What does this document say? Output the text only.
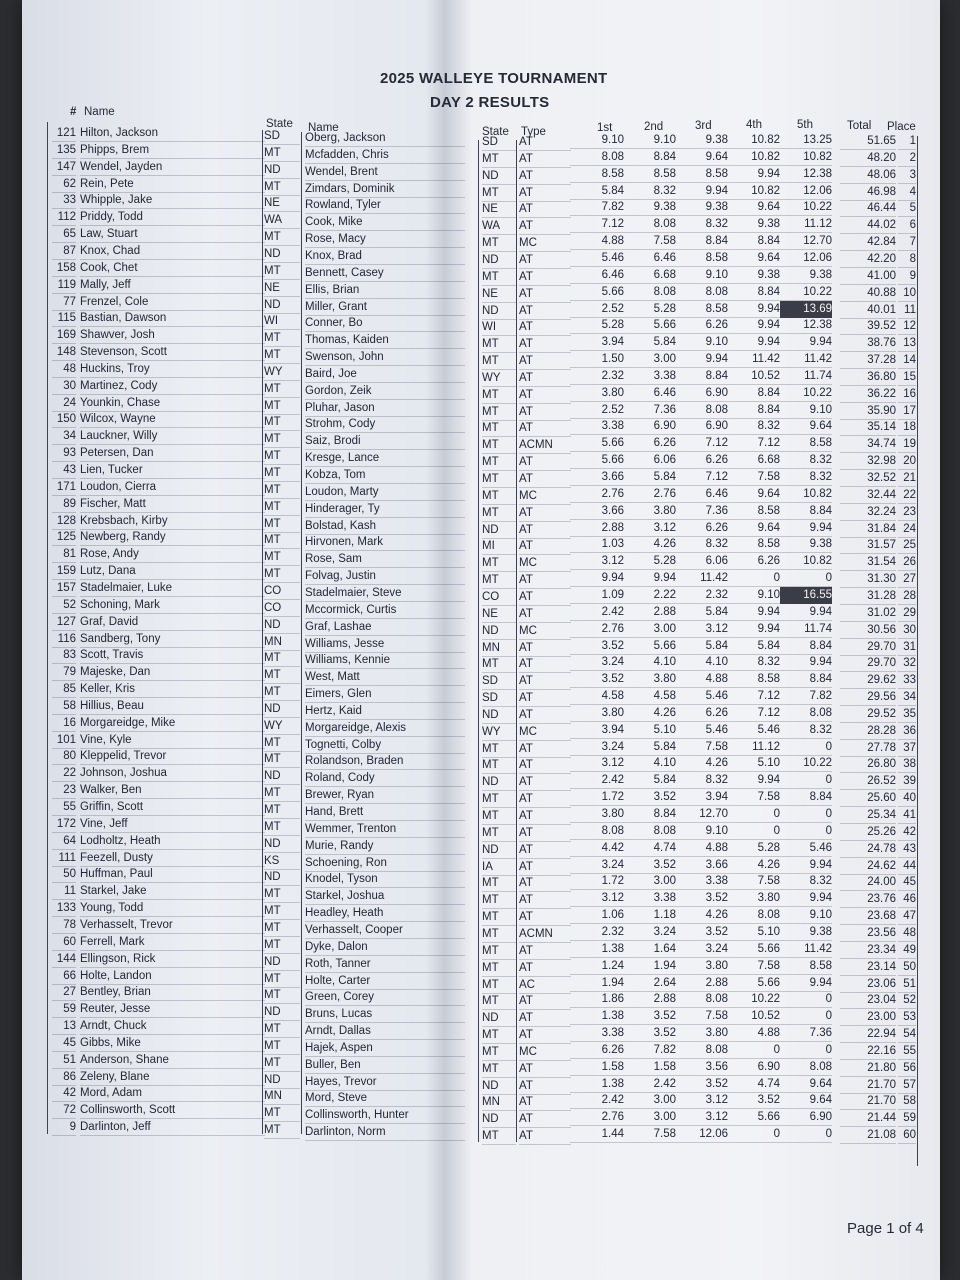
2025 WALLEYE TOURNAMENT
DAY 2 RESULTS
# Name
State Name	State Type	1st	2nd	3rd	4th	5th	Total Place
121 Hilton, Jackson	SD	Oberg, Jackson	SD	AT	9.10	9.10	9.38	10.82	13.25	51.65	1
135 Phipps, Brem	MT	Mcfadden, Chris	MT	AT	8.08	8.84	9.64	10.82	10.82	48.20	2
147 Wendel, Jayden	ND	Wendel, Brent	ND	AT	8.58	8.58	8.58	9.94	12.38	48.06	3
62 Rein, Pete	MT	Zimdars, Dominik	MT	AT	5.84	8.32	9.94	10.82	12.06	46.98	4
33 Whipple, Jake	NE	Rowland, Tyler	NE	AT	7.82	9.38	9.38	9.64	10.22	46.44	5
112 Priddy, Todd	WA	Cook, Mike	WA	AT	7.12	8.08	8.32	9.38	11.12	44.02	6
65 Law, Stuart	MT	Rose, Macy	MT	MC	4.88	7.58	8.84	8.84	12.70	42.84	7
87 Knox, Chad	ND	Knox, Brad	ND	AT	5.46	6.46	8.58	9.64	12.06	42.20	8
158 Cook, Chet	MT	Bennett, Casey	MT	AT	6.46	6.68	9.10	9.38	9.38	41.00	9
119 Mally, Jeff	NE	Ellis, Brian	NE	AT	5.66	8.08	8.08	8.84	10.22	40.88 10
77 Frenzel, Cole	ND	Miller, Grant	ND	AT	2.52	5.28	8.58	9.94	13.69	40.01 11
115 Bastian, Dawson	WI	Conner, Bo	WI	AT	5.28	5.66	6.26	9.94	12.38	39.52 12
169 Shawver, Josh	MT	Thomas, Kaiden	MT	AT	3.94	5.84	9.10	9.94	9.94	38.76 13
148 Stevenson, Scott	MT	Swenson, John	MT	AT	1.50	3.00	9.94	11.42	11.42	37.28 14
48 Huckins, Troy	WY	Baird, Joe	WY	AT	2.32	3.38	8.84	10.52	11.74	36.80 15
30 Martinez, Cody	MT	Gordon, Zeik	MT	AT	3.80	6.46	6.90	8.84	10.22	36.22 16
24 Younkin, Chase	MT	Pluhar, Jason	MT	AT	2.52	7.36	8.08	8.84	9.10	35.90 17
150 Wilcox, Wayne	MT	Strohm, Cody	MT	AT	3.38	6.90	6.90	8.32	9.64	35.14 18
34 Lauckner, Willy	MT	Saiz, Brodi	MT	ACMN	5.66	6.26	7.12	7.12	8.58	34.74 19
93 Petersen, Dan	MT	Kresge, Lance	MT	AT	5.66	6.06	6.26	6.68	8.32	32.98 20
43 Lien, Tucker	MT	Kobza, Tom	MT	AT	3.66	5.84	7.12	7.58	8.32	32.52 21
171 Loudon, Cierra	MT	Loudon, Marty	MT	MC	2.76	2.76	6.46	9.64	10.82	32.44 22
89 Fischer, Matt	MT	Hinderager, Ty	MT	AT	3.66	3.80	7.36	8.58	8.84	32.24 23
128 Krebsbach, Kirby	MT	Bolstad, Kash	ND	AT	2.88	3.12	6.26	9.64	9.94	31.84 24
125 Newberg, Randy	MT	Hirvonen, Mark	MI	AT	1.03	4.26	8.32	8.58	9.38	31.57 25
81 Rose, Andy	MT	Rose, Sam	MT	MC	3.12	5.28	6.06	6.26	10.82	31.54 26
159 Lutz, Dana	MT	Folvag, Justin	MT	AT	9.94	9.94	11.42	0	0	31.30 27
157 Stadelmaier, Luke	CO	Stadelmaier, Steve	CO	AT	1.09	2.22	2.32	9.10	16.55	31.28 28
52 Schoning, Mark	CO	Mccormick, Curtis	NE	AT	2.42	2.88	5.84	9.94	9.94	31.02 29
127 Graf, David	ND	Graf, Lashae	ND	MC	2.76	3.00	3.12	9.94	11.74	30.56 30
116 Sandberg, Tony	MN	Williams, Jesse	MN	AT	3.52	5.66	5.84	5.84	8.84	29.70 31
83 Scott, Travis	MT	Williams, Kennie	MT	AT	3.24	4.10	4.10	8.32	9.94	29.70 32
79 Majeske, Dan	MT	West, Matt	SD	AT	3.52	3.80	4.88	8.58	8.84	29.62 33
85 Keller, Kris	MT	Eimers, Glen	SD	AT	4.58	4.58	5.46	7.12	7.82	29.56 34
58 Hillius, Beau	ND	Hertz, Kaid	ND	AT	3.80	4.26	6.26	7.12	8.08	29.52 35
16 Morgareidge, Mike	WY	Morgareidge, Alexis	WY	MC	3.94	5.10	5.46	5.46	8.32	28.28 36
101 Vine, Kyle	MT	Tognetti, Colby	MT	AT	3.24	5.84	7.58	11.12	0	27.78 37
80 Kleppelid, Trevor	MT	Rolandson, Braden	MT	AT	3.12	4.10	4.26	5.10	10.22	26.80 38
22 Johnson, Joshua	ND	Roland, Cody	ND	AT	2.42	5.84	8.32	9.94	0	26.52 39
23 Walker, Ben	MT	Brewer, Ryan	MT	AT	1.72	3.52	3.94	7.58	8.84	25.60 40
55 Griffin, Scott	MT	Hand, Brett	MT	AT	3.80	8.84	12.70	0	0	25.34 41
172 Vine, Jeff	MT	Wemmer, Trenton	MT	AT	8.08	8.08	9.10	0	0	25.26 42
64 Lodholtz, Heath	ND	Murie, Randy	ND	AT	4.42	4.74	4.88	5.28	5.46	24.78 43
111 Feezell, Dusty	KS	Schoening, Ron	IA	AT	3.24	3.52	3.66	4.26	9.94	24.62 44
50 Huffman, Paul	ND	Knodel, Tyson	MT	AT	1.72	3.00	3.38	7.58	8.32	24.00 45
11 Starkel, Jake	MT	Starkel, Joshua	MT	AT	3.12	3.38	3.52	3.80	9.94	23.76 46
133 Young, Todd	MT	Headley, Heath	MT	AT	1.06	1.18	4.26	8.08	9.10	23.68 47
78 Verhasselt, Trevor	MT	Verhasselt, Cooper	MT	ACMN	2.32	3.24	3.52	5.10	9.38	23.56 48
60 Ferrell, Mark	MT	Dyke, Dalon	MT	AT	1.38	1.64	3.24	5.66	11.42	23.34 49
144 Ellingson, Rick	ND	Roth, Tanner	MT	AT	1.24	1.94	3.80	7.58	8.58	23.14 50
66 Holte, Landon	MT	Holte, Carter	MT	AC	1.94	2.64	2.88	5.66	9.94	23.06 51
27 Bentley, Brian	MT	Green, Corey	MT	AT	1.86	2.88	8.08	10.22	0	23.04 52
59 Reuter, Jesse	ND	Bruns, Lucas	ND	AT	1.38	3.52	7.58	10.52	0	23.00 53
13 Arndt, Chuck	MT	Arndt, Dallas	MT	AT	3.38	3.52	3.80	4.88	7.36	22.94 54
45 Gibbs, Mike	MT	Hajek, Aspen	MT	MC	6.26	7.82	8.08	0	0	22.16 55
51 Anderson, Shane	MT	Buller, Ben	MT	AT	1.58	1.58	3.56	6.90	8.08	21.80 56
86 Zeleny, Blane	ND	Hayes, Trevor	ND	AT	1.38	2.42	3.52	4.74	9.64	21.70 57
42 Mord, Adam	MN	Mord, Steve	MN	AT	2.42	3.00	3.12	3.52	9.64	21.70 58
72 Collinsworth, Scott	MT	Collinsworth, Hunter	ND	AT	2.76	3.00	3.12	5.66	6.90	21.44 59
9 Darlinton, Jeff	MT	Darlinton, Norm	MT	AT	1.44	7.58	12.06	0	0	21.08 60
Page 1 of 4
